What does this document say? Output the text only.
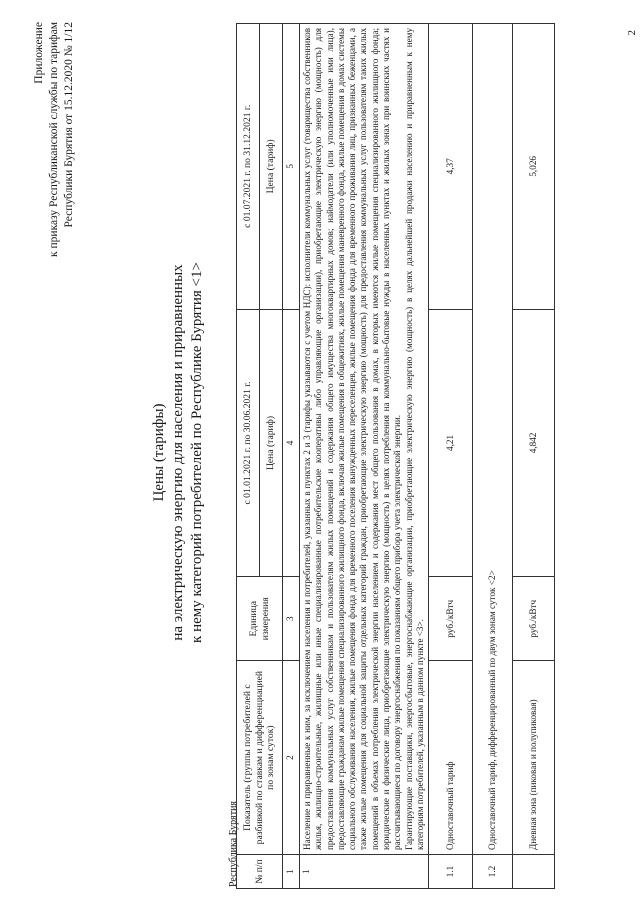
Приложение к приказу Республиканской службы по тарифам Республики Бурятия от 15.12.2020 № 1/12
Цены (тарифы) на электрическую энергию для населения и приравненных к нему категорий потребителей по Республике Бурятия <1>
Республика Бурятия № п/п	Показатель (группы потребителей с разбивкой по ставкам и дифференциацией по зонам суток)	Единица измерения	с 01.01.2021 г. по 30.06.2021 г.	с 01.07.2021 г. по 31.12.2021 г.
			Цена (тариф)	Цена (тариф)
1	2	3	4	5
1	Население и приравненные к ним, за исключением населения и потребителей, указанных в пунктах 2 и 3 (тарифы указываются с учетом НДС): исполнители коммунальных услуг (товарищества собственников жилья, жилищно-строительные, жилищные или иные специализированные потребительские кооперативы либо управляющие организации), приобретающие электрическую энергию (мощность) для предоставления коммунальных услуг собственникам и пользователям жилых помещений и содержания общего имущества многоквартирных домов; наймодатели (или уполномоченные ими лица), предоставляющие гражданам жилые помещения специализированного жилищного фонда, включая жилые помещения в общежитиях, жилые помещения маневренного фонда, жилые помещения в домах системы социального обслуживания населения, жилые помещения фонда для временного поселения вынужденных переселенцев, жилые помещения фонда для временного проживания лиц, признанных беженцами, а также жилые помещения для социальной защиты отдельных категорий граждан, приобретающие электрическую энергию (мощность) для предоставления коммунальных услуг пользователям таких жилых помещений в объемах потребления электрической энергии населением и содержания мест общего пользования в домах, в которых имеются жилые помещения специализированного жилищного фонда; юридические и физические лица, приобретающие электрическую энергию (мощность) в целях потребления на коммунально-бытовые нужды в населенных пунктах и жилых зонах при воинских частях и рассчитывающиеся по договору энергоснабжения по показаниям общего прибора учета электрической энергии. Гарантирующие поставщики, энергосбытовые, энергоснабжающие организации, приобретающие электрическую энергию (мощность) в целях дальнейшей продажи населению и приравненным к нему категориям потребителей, указанным в данном пункте <3>.			

1.1	Одноставочный тариф	руб./кВтч	4,21	4,37
1.2	Одноставочный тариф, дифференцированный по двум зонам суток <2>			
	Дневная зона (пиковая и полупиковая)	руб./кВтч	4,842	5,026
2
